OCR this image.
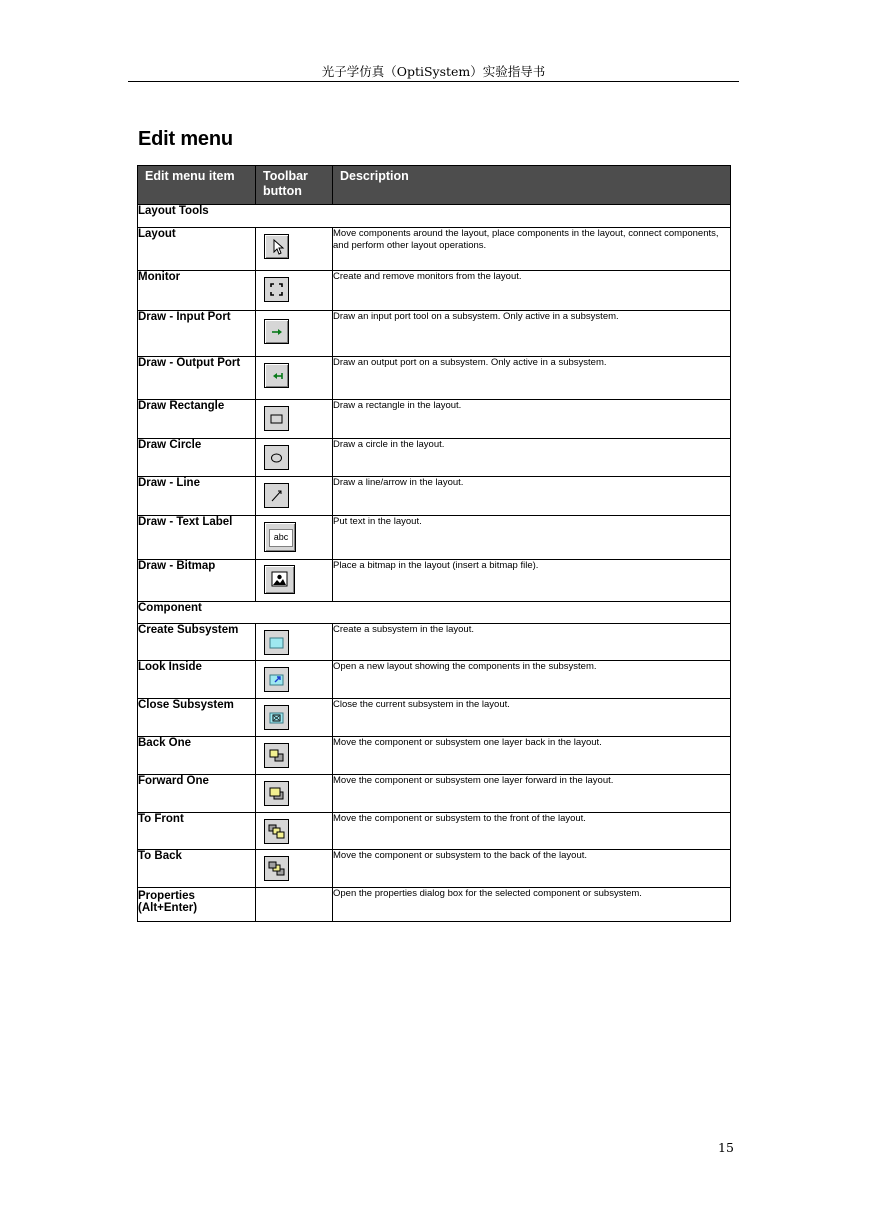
光子学仿真（OptiSystem）实验指导书
Edit menu
Edit menu item	Toolbar button	Description
Layout Tools		
Layout		Move components around the layout, place components in the layout, connect components, and perform other layout operations.
Monitor		Create and remove monitors from the layout.
Draw - Input Port		Draw an input port tool on a subsystem. Only active in a subsystem.
Draw - Output Port		Draw an output port on a subsystem. Only active in a subsystem.
Draw Rectangle		Draw a rectangle in the layout.
Draw Circle		Draw a circle in the layout.
Draw - Line		Draw a line/arrow in the layout.
Draw - Text Label	abc	Put text in the layout.
Draw - Bitmap		Place a bitmap in the layout (insert a bitmap file).
Component		
Create Subsystem		Create a subsystem in the layout.
Look Inside		Open a new layout showing the components in the subsystem.
Close Subsystem		Close the current subsystem in the layout.
Back One		Move the component or subsystem one layer back in the layout.
Forward One		Move the component or subsystem one layer forward in the layout.
To Front		Move the component or subsystem to the front of the layout.
To Back		Move the component or subsystem to the back of the layout.
Properties (Alt+Enter)		Open the properties dialog box for the selected component or subsystem.
15
